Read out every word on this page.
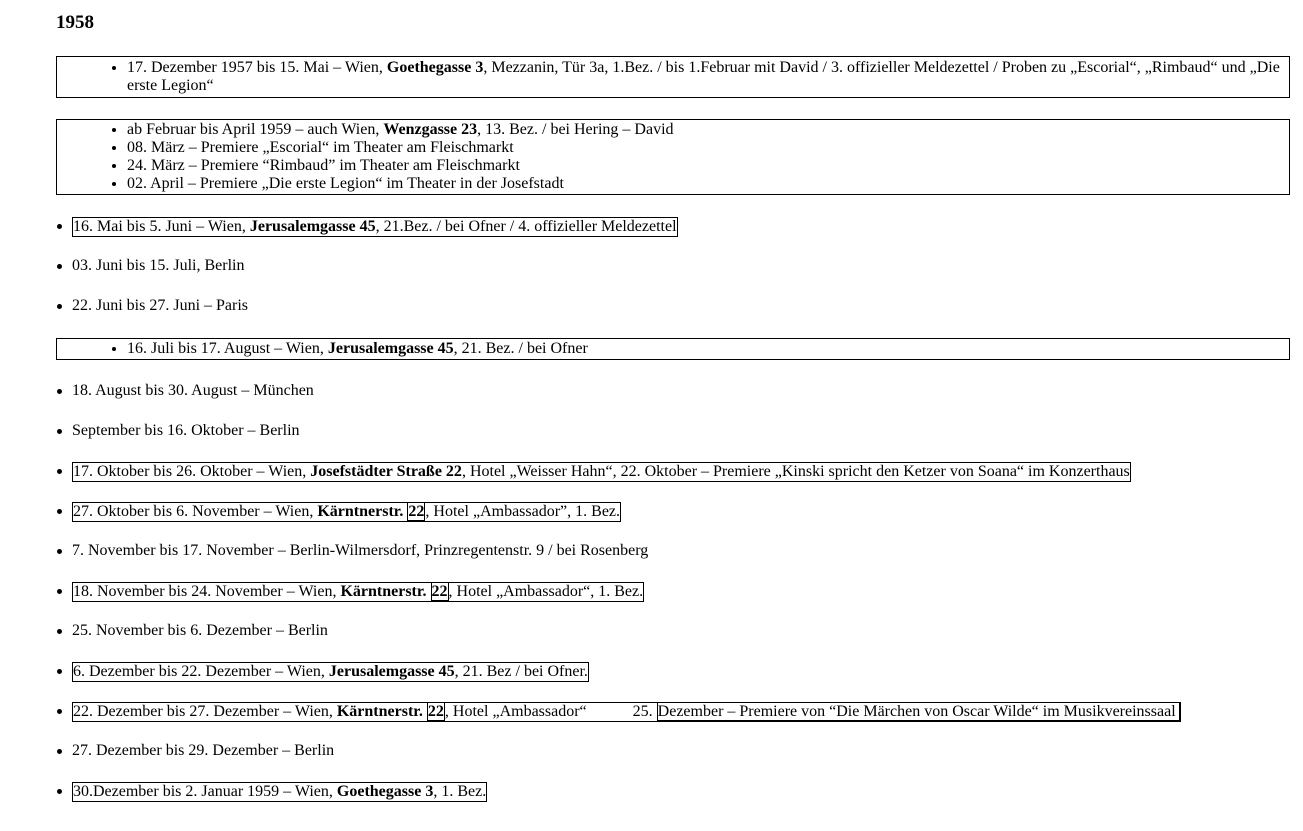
1958
• 17. Dezember 1957 bis 15. Mai – Wien, Goethegasse 3, Mezzanin, Tür 3a, 1.Bez. / bis 1.Februar mit David / 3. offizieller Meldezettel / Proben zu „Escorial“, „Rimbaud“ und „Die erste Legion“
• ab Februar bis April 1959 – auch Wien, Wenzgasse 23, 13. Bez. / bei Hering – David
• 08. März – Premiere „Escorial“ im Theater am Fleischmarkt
• 24. März – Premiere “Rimbaud” im Theater am Fleischmarkt
• 02. April – Premiere „Die erste Legion“ im Theater in der Josefstadt
16. Mai bis 5. Juni – Wien, Jerusalemgasse 45, 21.Bez. / bei Ofner / 4. offizieller Meldezettel
03. Juni bis 15. Juli, Berlin
22. Juni bis 27. Juni – Paris
• 16. Juli bis 17. August – Wien, Jerusalemgasse 45, 21. Bez. / bei Ofner
18. August bis 30. August – München
September bis 16. Oktober – Berlin
17. Oktober bis 26. Oktober – Wien, Josefstädter Straße 22, Hotel „Weisser Hahn“, 22. Oktober – Premiere „Kinski spricht den Ketzer von Soana“ im Konzerthaus
27. Oktober bis 6. November – Wien, Kärntnerstr. 22, Hotel „Ambassador”, 1. Bez.
7. November bis 17. November – Berlin-Wilmersdorf, Prinzregentenstr. 9 / bei Rosenberg
18. November bis 24. November – Wien, Kärntnerstr. 22, Hotel „Ambassador“, 1. Bez.
25. November bis 6. Dezember – Berlin
6. Dezember bis 22. Dezember – Wien, Jerusalemgasse 45, 21. Bez / bei Ofner.
22. Dezember bis 27. Dezember – Wien, Kärntnerstr. 22, Hotel „Ambassador“	25. Dezember – Premiere von “Die Märchen von Oscar Wilde“ im Musikvereinssaal
27. Dezember bis 29. Dezember – Berlin
30.Dezember bis 2. Januar 1959 – Wien, Goethegasse 3, 1. Bez.
